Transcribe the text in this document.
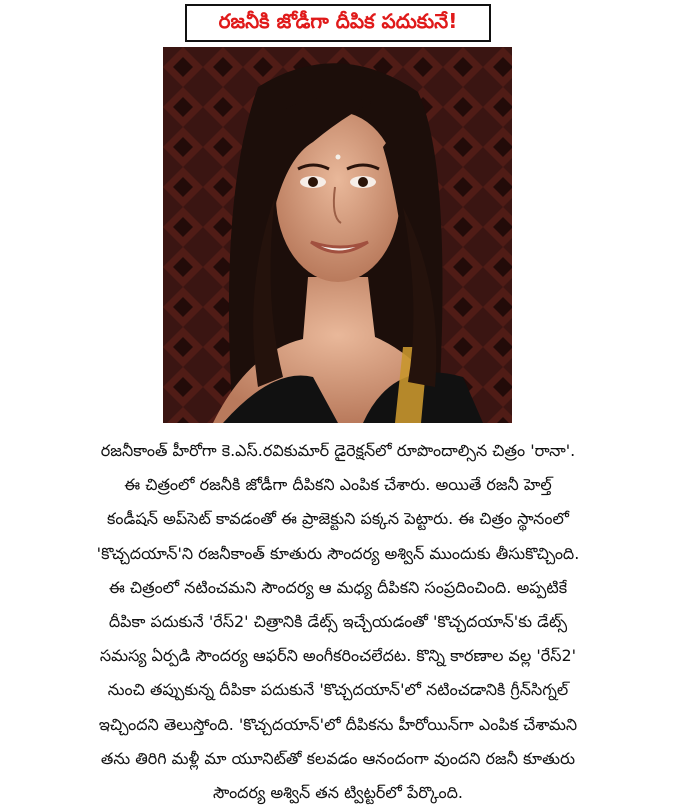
రజనీకి జోడీగా దీపిక పదుకునే!
రజనీకాంత్ హీరోగా కె.ఎస్.రవికుమార్ డైరెక్షన్‌లో రూపొందాల్సిన చిత్రం 'రానా'.
ఈ చిత్రంలో రజనీకి జోడీగా దీపికని ఎంపిక చేశారు. అయితే రజనీ హెల్త్
కండీషన్ అప్‌సెట్ కావడంతో ఈ ప్రాజెక్టుని పక్కన పెట్టారు. ఈ చిత్రం స్థానంలో
'కొచ్చదయాన్'ని రజనీకాంత్ కూతురు సౌందర్య అశ్విన్ ముందుకు తీసుకొచ్చింది.
ఈ చిత్రంలో నటించమని సౌందర్య ఆ మధ్య దీపికని సంప్రదించింది. అప్పటికే
దీపికా పదుకునే 'రేస్2' చిత్రానికి డేట్స్ ఇచ్చేయడంతో 'కొచ్చదయాన్'కు డేట్స్
సమస్య ఏర్పడి సౌందర్య ఆఫర్‌ని అంగీకరించలేదట. కొన్ని కారణాల వల్ల 'రేస్2'
నుంచి తప్పుకున్న దీపికా పదుకునే 'కొచ్చదయాన్'లో నటించడానికి గ్రీన్‌సిగ్నల్
ఇచ్చిందని తెలుస్తోంది. 'కొచ్చదయాన్'లో దీపికను హీరోయిన్‌గా ఎంపిక చేశామని
తను తిరిగి మళ్లీ మా యూనిట్‌తో కలవడం ఆనందంగా వుందని రజనీ కూతురు
సౌందర్య అశ్విన్ తన ట్విట్టర్‌లో పేర్కొంది.
